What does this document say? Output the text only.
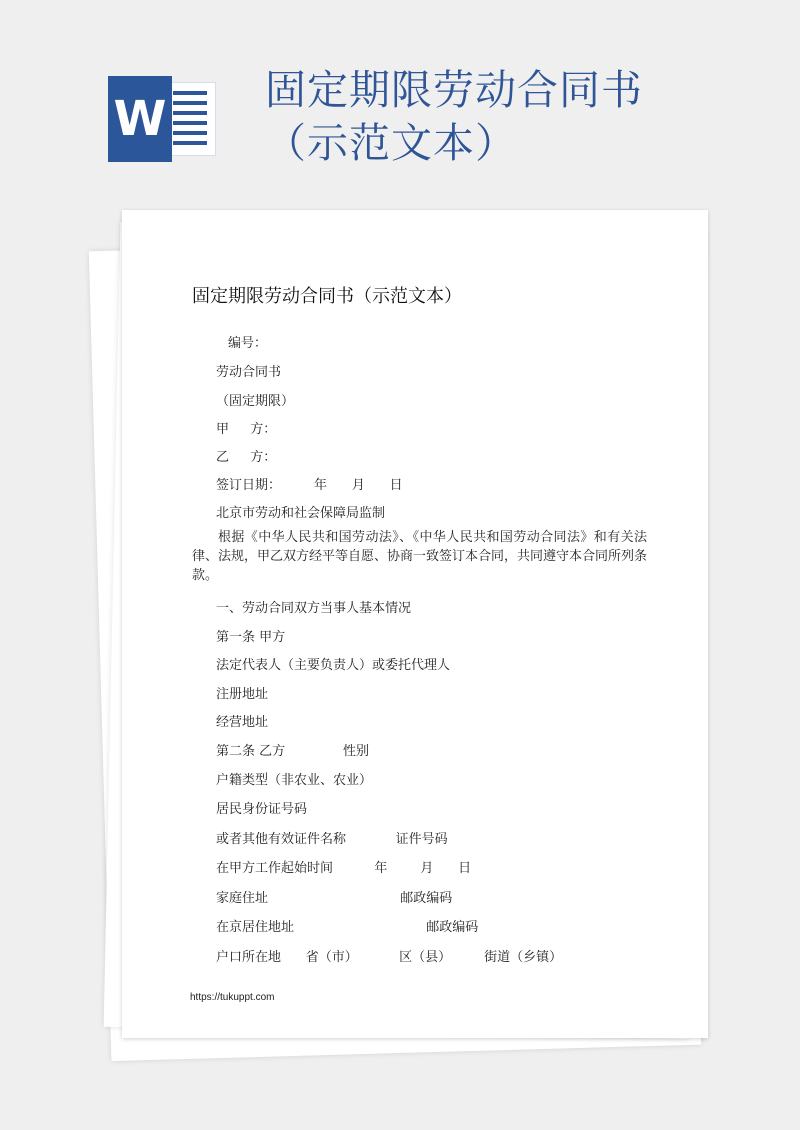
W
固定期限劳动合同书（示范文本）
固定期限劳动合同书（示范文本）
编号：
劳动合同书
（固定期限）
甲　  方：
乙　  方：
签订日期：        年      月      日
北京市劳动和社会保障局监制

根据《中华人民共和国劳动法》、《中华人民共和国劳动合同法》和有关法律、法规，甲乙双方经平等自愿、协商一致签订本合同，共同遵守本合同所列条款。

一、劳动合同双方当事人基本情况
第一条 甲方
法定代表人（主要负责人）或委托代理人
注册地址
经营地址
第二条 乙方              性别
户籍类型（非农业、农业）
居民身份证号码
或者其他有效证件名称            证件号码
在甲方工作起始时间          年        月      日
家庭住址                                邮政编码
在京居住地址                                邮政编码
户口所在地      省（市）          区（县）        街道（乡镇）
https://tukuppt.com
